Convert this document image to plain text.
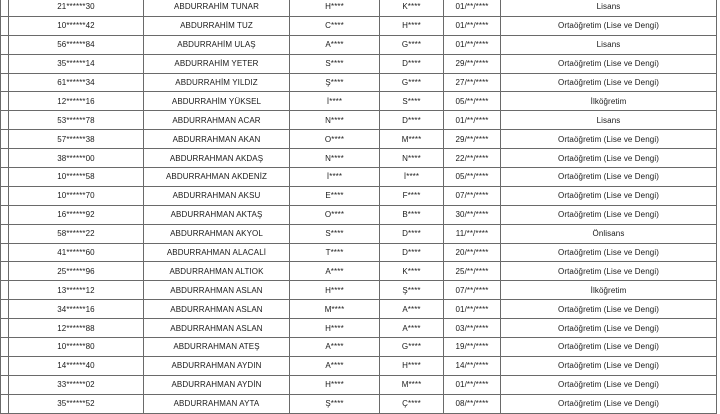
	21******30	ABDURRAHİM TUNAR	H****	K****	01/**/****	Lisans
	10******42	ABDURRAHİM TUZ	C****	H****	01/**/****	Ortaöğretim (Lise ve Dengi)
	56******84	ABDURRAHİM ULAŞ	A****	G****	01/**/****	Lisans
	35******14	ABDURRAHİM YETER	S****	D****	29/**/****	Ortaöğretim (Lise ve Dengi)
	61******34	ABDURRAHİM YILDIZ	Ş****	G****	27/**/****	Ortaöğretim (Lise ve Dengi)
	12******16	ABDURRAHİM YÜKSEL	İ****	S****	05/**/****	İlköğretim
	53******78	ABDURRAHMAN ACAR	N****	D****	01/**/****	Lisans
	57******38	ABDURRAHMAN AKAN	O****	M****	29/**/****	Ortaöğretim (Lise ve Dengi)
	38******00	ABDURRAHMAN AKDAŞ	N****	N****	22/**/****	Ortaöğretim (Lise ve Dengi)
	10******58	ABDURRAHMAN AKDENİZ	İ****	İ****	05/**/****	Ortaöğretim (Lise ve Dengi)
	10******70	ABDURRAHMAN AKSU	E****	F****	07/**/****	Ortaöğretim (Lise ve Dengi)
	16******92	ABDURRAHMAN AKTAŞ	O****	B****	30/**/****	Ortaöğretim (Lise ve Dengi)
	58******22	ABDURRAHMAN AKYOL	S****	D****	11/**/****	Önlisans
	41******60	ABDURRAHMAN ALACALİ	T****	D****	20/**/****	Ortaöğretim (Lise ve Dengi)
	25******96	ABDURRAHMAN ALTIOK	A****	K****	25/**/****	Ortaöğretim (Lise ve Dengi)
	13******12	ABDURRAHMAN ASLAN	H****	Ş****	07/**/****	İlköğretim
	34******16	ABDURRAHMAN ASLAN	M****	A****	01/**/****	Ortaöğretim (Lise ve Dengi)
	12******88	ABDURRAHMAN ASLAN	H****	A****	03/**/****	Ortaöğretim (Lise ve Dengi)
	10******80	ABDURRAHMAN ATEŞ	A****	G****	19/**/****	Ortaöğretim (Lise ve Dengi)
	14******40	ABDURRAHMAN AYDIN	A****	H****	14/**/****	Ortaöğretim (Lise ve Dengi)
	33******02	ABDURRAHMAN AYDİN	H****	M****	01/**/****	Ortaöğretim (Lise ve Dengi)
	35******52	ABDURRAHMAN AYTA	Ş****	Ç****	08/**/****	Ortaöğretim (Lise ve Dengi)
